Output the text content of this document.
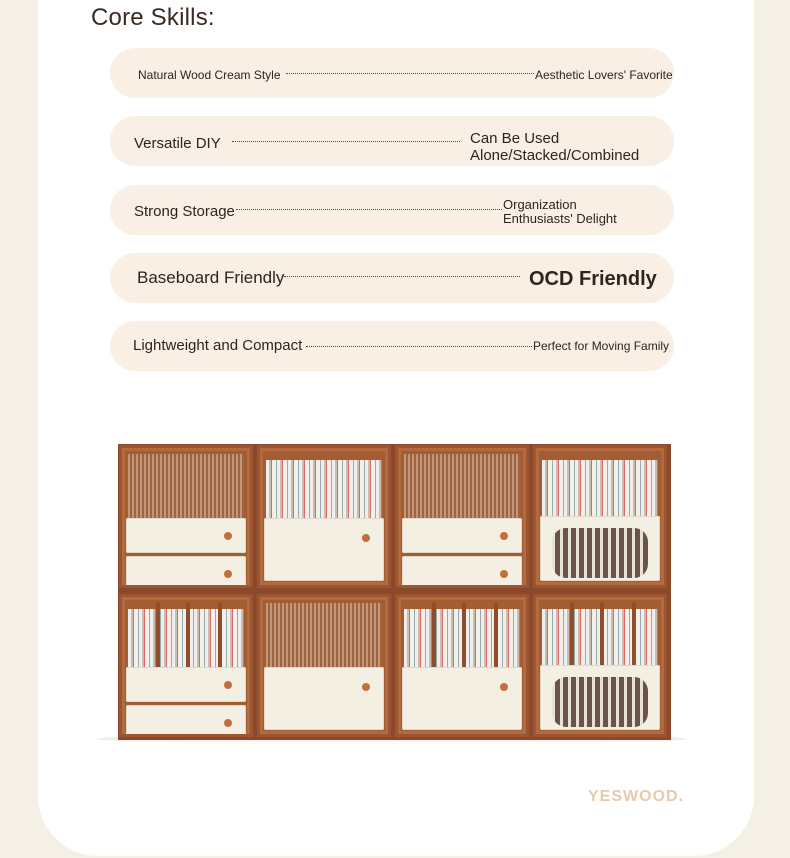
Core Skills:
Natural Wood Cream Style	Aesthetic Lovers' Favorite
Versatile DIY	Can Be Used
Alone/Stacked/Combined
Strong Storage	Organization
Enthusiasts' Delight
Baseboard Friendly	OCD Friendly
Lightweight and Compact	Perfect for Moving Family
YESWOOD.
